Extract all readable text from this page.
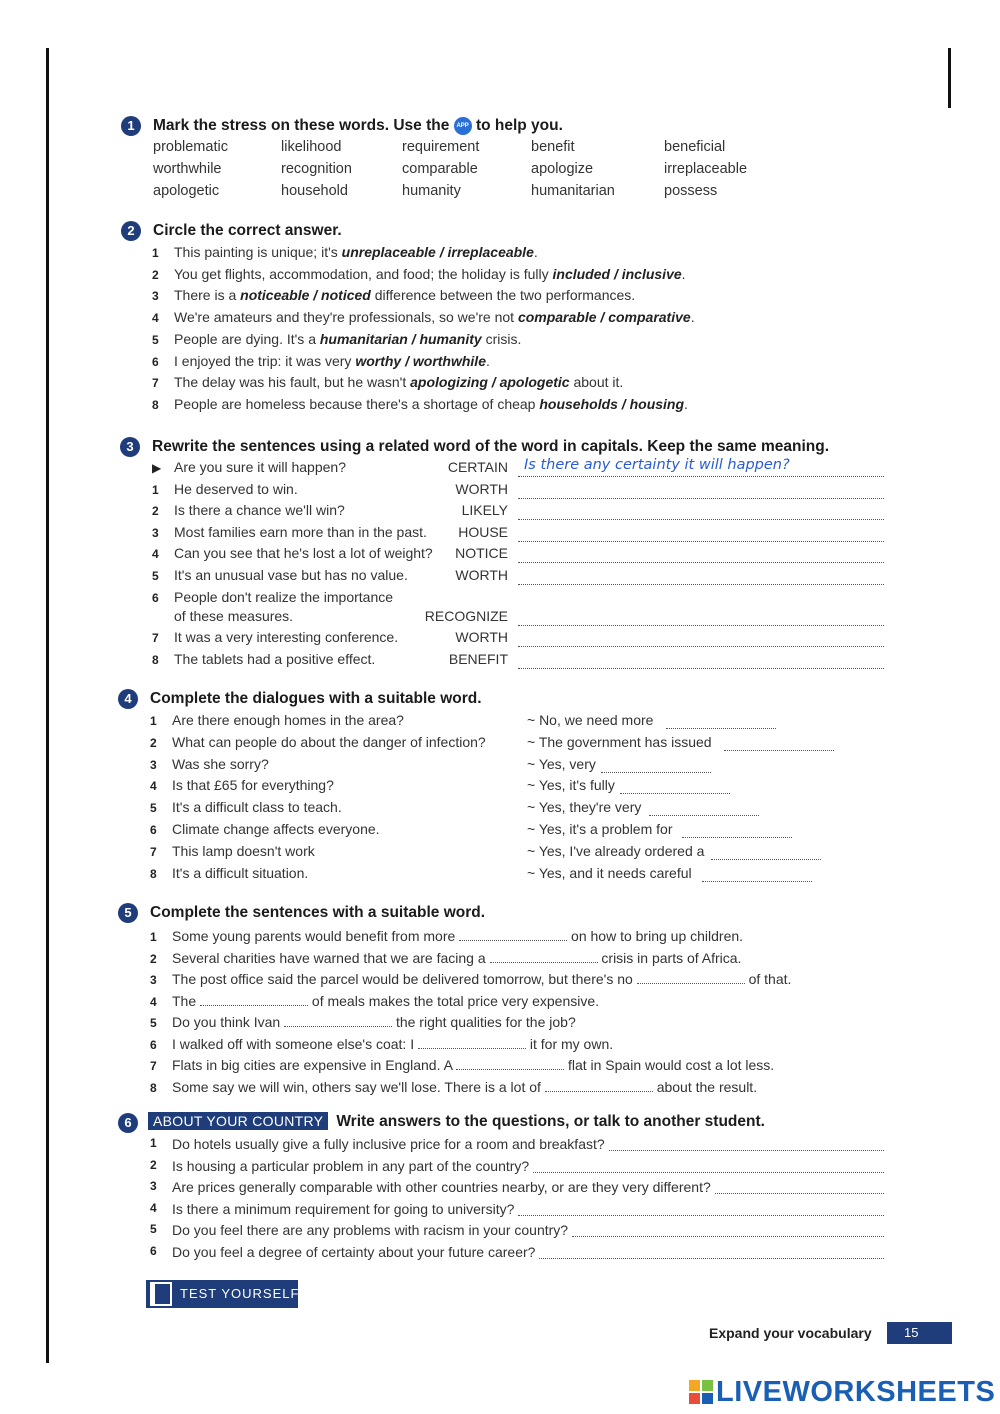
1	Mark the stress on these words. Use the APP to help you.
problematic	likelihood	requirement	benefit	beneficial
worthwhile	recognition	comparable	apologize	irreplaceable
apologetic	household	humanity	humanitarian	possess
2	Circle the correct answer.
1 This painting is unique; it's unreplaceable / irreplaceable.
2 You get flights, accommodation, and food; the holiday is fully included / inclusive.
3 There is a noticeable / noticed difference between the two performances.
4 We're amateurs and they're professionals, so we're not comparable / comparative.
5 People are dying. It's a humanitarian / humanity crisis.
6 I enjoyed the trip: it was very worthy / worthwhile.
7 The delay was his fault, but he wasn't apologizing / apologetic about it.
8 People are homeless because there's a shortage of cheap households / housing.
3	Rewrite the sentences using a related word of the word in capitals. Keep the same meaning.
▶ Are you sure it will happen?	CERTAIN Is there any certainty it will happen?
1 He deserved to win.	WORTH
2 Is there a chance we'll win?	LIKELY
3 Most families earn more than in the past.	HOUSE
4 Can you see that he's lost a lot of weight?	NOTICE
5 It's an unusual vase but has no value.	WORTH
6 People don't realize the importance
of these measures.	RECOGNIZE
7 It was a very interesting conference.	WORTH
8 The tablets had a positive effect.	BENEFIT
4	Complete the dialogues with a suitable word.
1 Are there enough homes in the area?	~ No, we need more
2 What can people do about the danger of infection?	~ The government has issued
3 Was she sorry?	~ Yes, very
4 Is that £65 for everything?	~ Yes, it's fully
5 It's a difficult class to teach.	~ Yes, they're very
6 Climate change affects everyone.	~ Yes, it's a problem for
7 This lamp doesn't work	~ Yes, I've already ordered a
8 It's a difficult situation.	~ Yes, and it needs careful
5	Complete the sentences with a suitable word.
1 Some young parents would benefit from more	on how to bring up children.
2 Several charities have warned that we are facing a	crisis in parts of Africa.
3 The post office said the parcel would be delivered tomorrow, but there's no	of that.
4 The	of meals makes the total price very expensive.
5 Do you think Ivan	the right qualities for the job?
6 I walked off with someone else's coat: I	it for my own.
7 Flats in big cities are expensive in England. A	flat in Spain would cost a lot less.
8 Some say we will win, others say we'll lose. There is a lot of	about the result.
6	ABOUT YOUR COUNTRY Write answers to the questions, or talk to another student.
1	Do hotels usually give a fully inclusive price for a room and breakfast?
2	Is housing a particular problem in any part of the country?
3	Are prices generally comparable with other countries nearby, or are they very different?
4	Is there a minimum requirement for going to university?
5	Do you feel there are any problems with racism in your country?
6	Do you feel a degree of certainty about your future career?
TEST YOURSELF
Expand your vocabulary	15
LIVEWORKSHEETS
